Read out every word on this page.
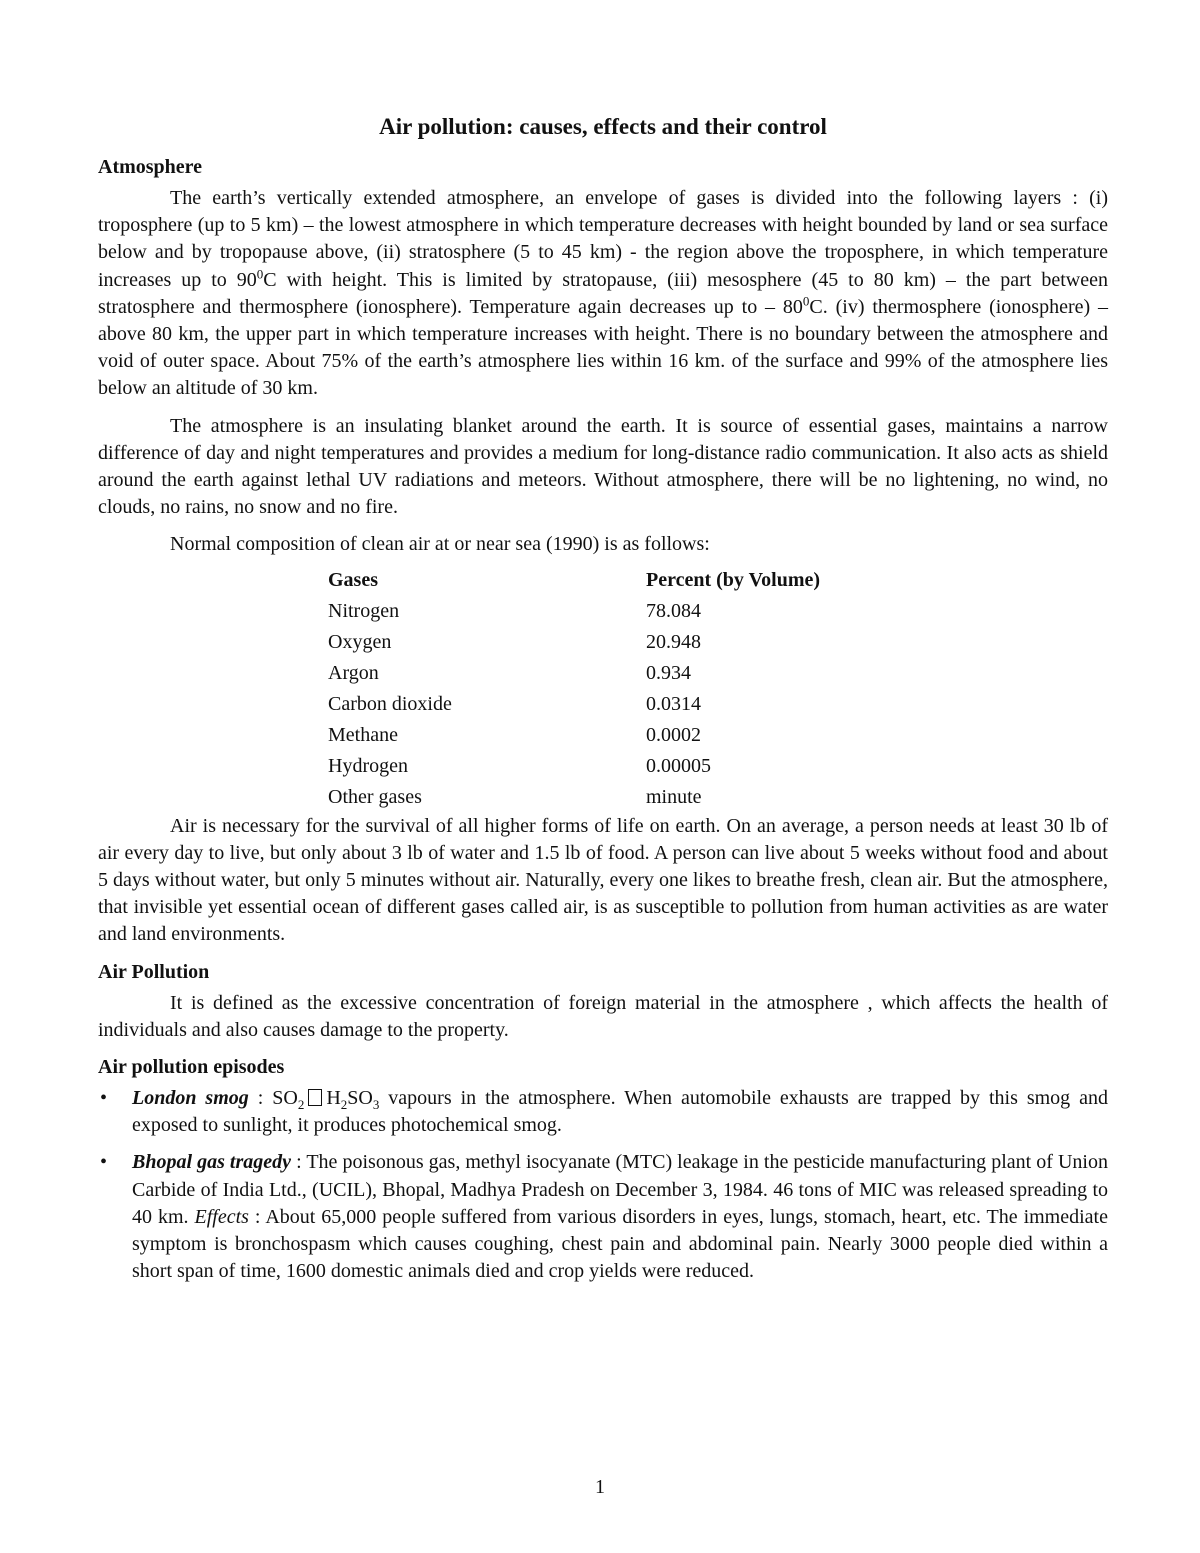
Air pollution: causes, effects and their control
Atmosphere

The earth’s vertically extended atmosphere, an envelope of gases is divided into the following layers : (i) troposphere (up to 5 km) – the lowest atmosphere in which temperature decreases with height bounded by land or sea surface below and by tropopause above, (ii) stratosphere (5 to 45 km) - the region above the troposphere, in which temperature increases up to $90^0C$ with height. This is limited by stratopause, (iii) mesosphere (45 to 80 km) – the part between stratosphere and thermosphere (ionosphere). Temperature again decreases up to – $80^0C$. (iv) thermosphere (ionosphere) – above 80 km, the upper part in which temperature increases with height. There is no boundary between the atmosphere and void of outer space. About 75% of the earth’s atmosphere lies within 16 km. of the surface and 99% of the atmosphere lies below an altitude of 30 km.

The atmosphere is an insulating blanket around the earth. It is source of essential gases, maintains a narrow difference of day and night temperatures and provides a medium for long-distance radio communication. It also acts as shield around the earth against lethal UV radiations and meteors. Without atmosphere, there will be no lightening, no wind, no clouds, no rains, no snow and no fire.

Normal composition of clean air at or near sea (1990) is as follows:

Gases	Percent (by Volume)
Nitrogen	78.084
Oxygen	20.948
Argon	0.934
Carbon dioxide	0.0314
Methane	0.0002
Hydrogen	0.00005
Other gases	minute

Air is necessary for the survival of all higher forms of life on earth. On an average, a person needs at least 30 lb of air every day to live, but only about 3 lb of water and 1.5 lb of food. A person can live about 5 weeks without food and about 5 days without water, but only 5 minutes without air. Naturally, every one likes to breathe fresh, clean air. But the atmosphere, that invisible yet essential ocean of different gases called air, is as susceptible to pollution from human activities as are water and land environments.

Air Pollution

It is defined as the excessive concentration of foreign material in the atmosphere , which affects the health of individuals and also causes damage to the property.

Air pollution episodes
• London smog : $SO_2$ $H_2SO_3$ vapours in the atmosphere. When automobile exhausts are trapped by this smog and exposed to sunlight, it produces photochemical smog.
• Bhopal gas tragedy : The poisonous gas, methyl isocyanate (MTC) leakage in the pesticide manufacturing plant of Union Carbide of India Ltd., (UCIL), Bhopal, Madhya Pradesh on December 3, 1984. 46 tons of MIC was released spreading to 40 km. Effects : About 65,000 people suffered from various disorders in eyes, lungs, stomach, heart, etc. The immediate symptom is bronchospasm which causes coughing, chest pain and abdominal pain. Nearly 3000 people died within a short span of time, 1600 domestic animals died and crop yields were reduced.
1
